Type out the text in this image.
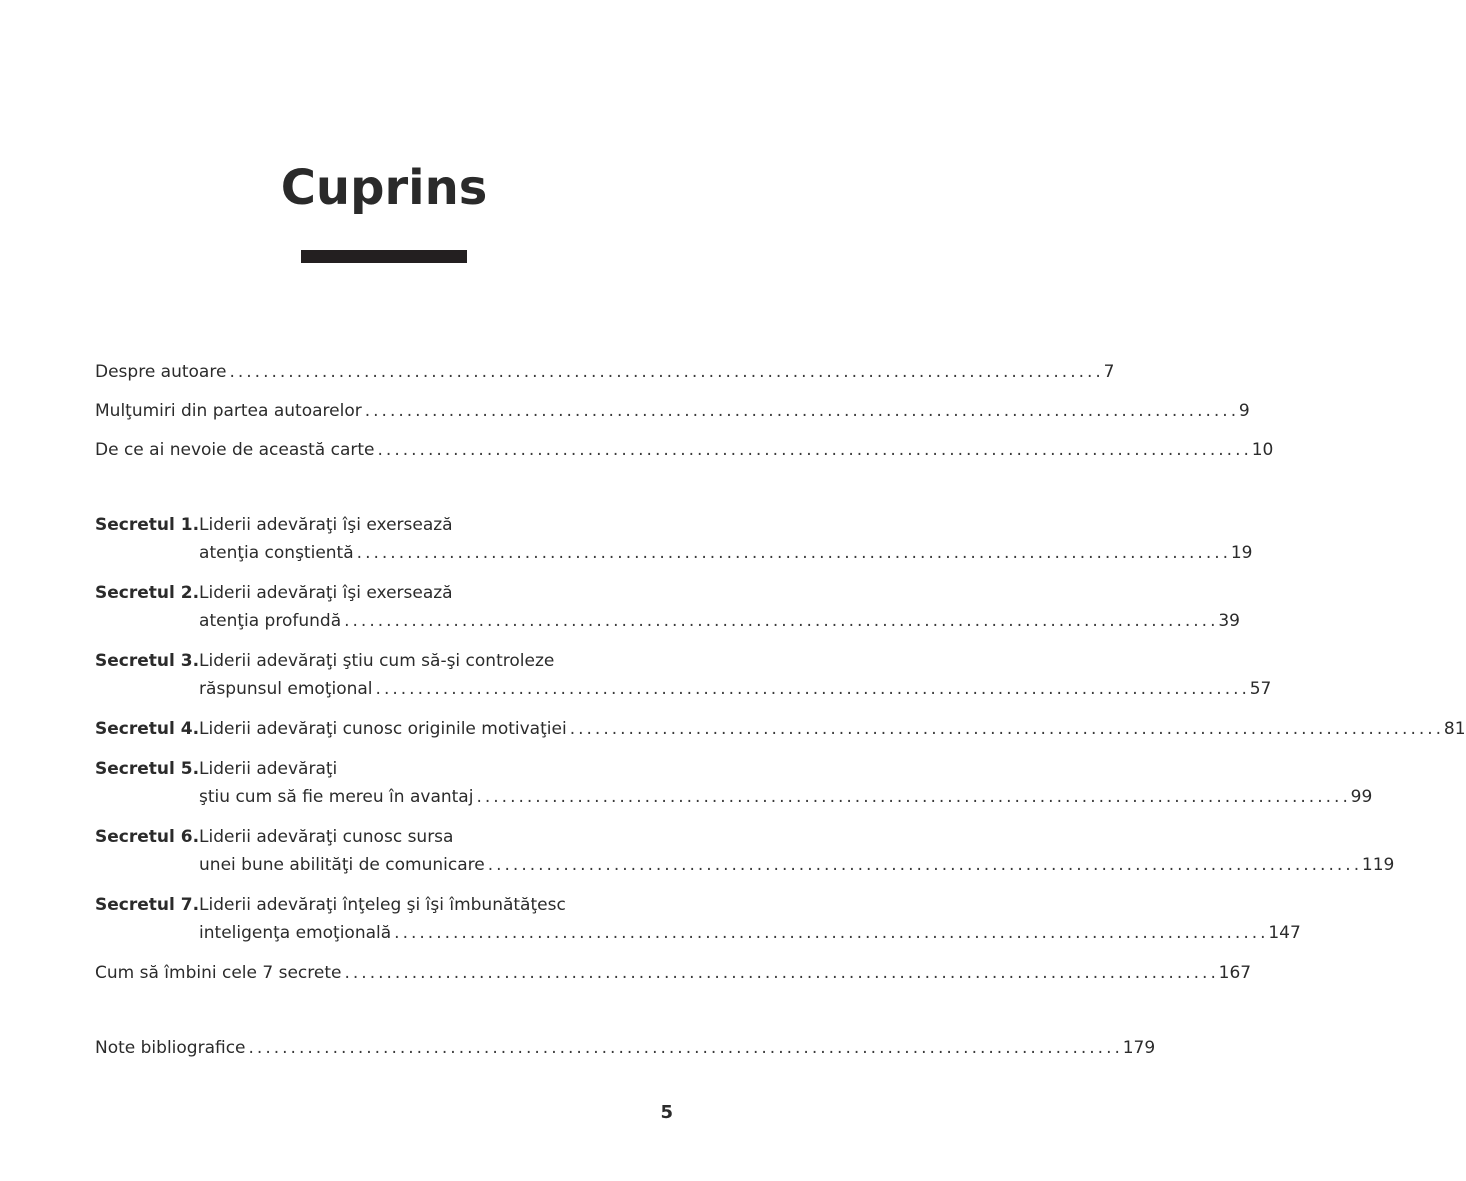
Cuprins
Despre autoare . . .	7
Mulţumiri din partea autoarelor . . .	9
De ce ai nevoie de această carte . . .	10
Secretul 1. Liderii adevăraţi îşi exersează
atenţia conştientă . . .	19
Secretul 2. Liderii adevăraţi îşi exersează
atenţia profundă . . .	39
Secretul 3. Liderii adevăraţi ştiu cum să-şi controleze
răspunsul emoţional . . .	57
Secretul 4. Liderii adevăraţi cunosc originile motivaţiei . . .	81
Secretul 5. Liderii adevăraţi
ştiu cum să fie mereu în avantaj . . .	99
Secretul 6. Liderii adevăraţi cunosc sursa
unei bune abilităţi de comunicare . . .	119
Secretul 7. Liderii adevăraţi înţeleg şi îşi îmbunătăţesc
inteligenţa emoţională . . .	147
Cum să îmbini cele 7 secrete . . .	167
Note bibliografice . . .	179
5
